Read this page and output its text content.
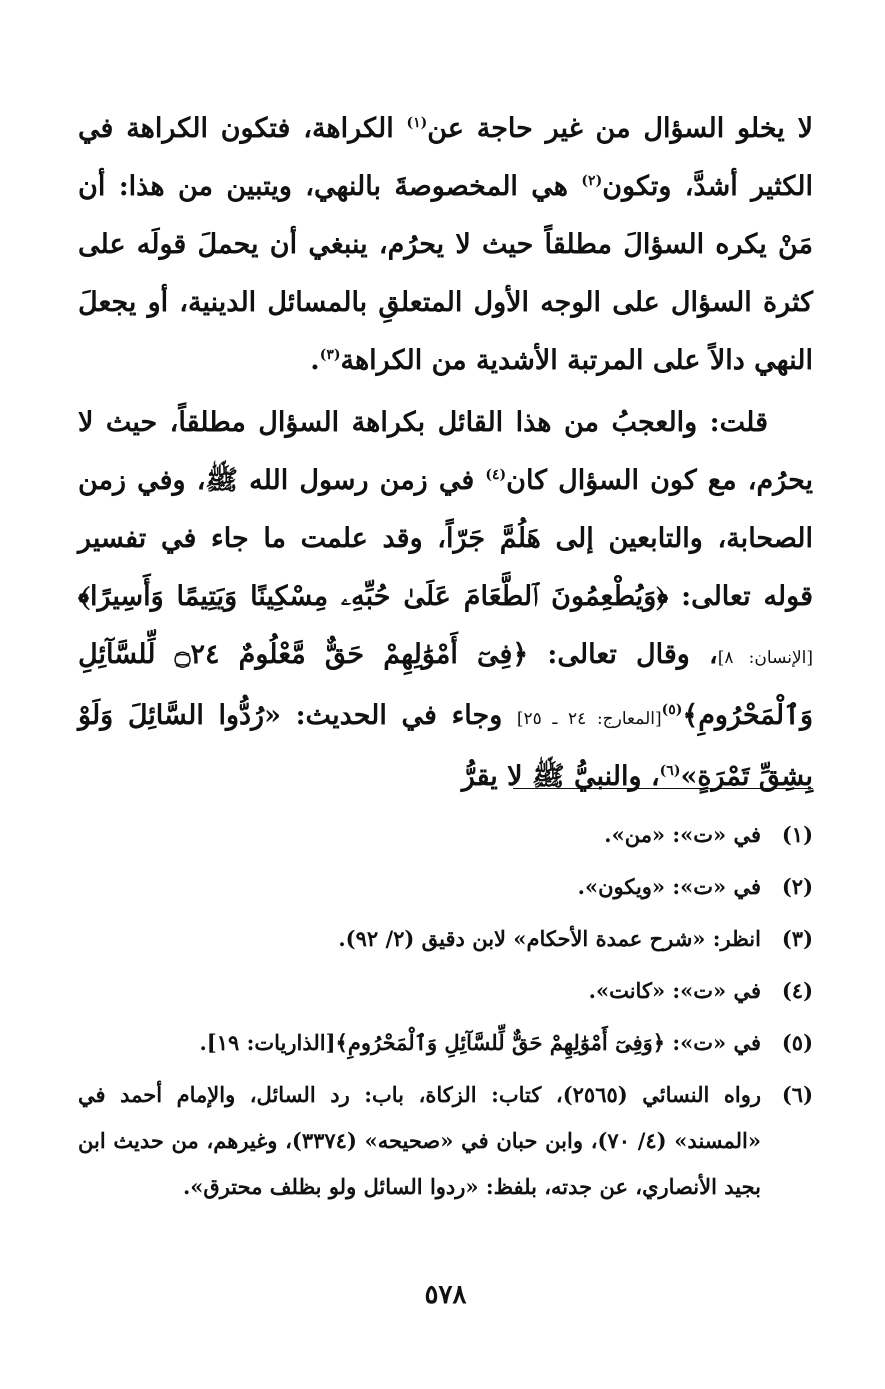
لا يخلو السؤال من غير حاجة عن$^{(١)}$ الكراهة، فتكون الكراهة في الكثير أشدَّ، وتكون$^{(٢)}$ هي المخصوصةَ بالنهي، ويتبين من هذا: أن مَنْ يكره السؤالَ مطلقاً حيث لا يحرُم، ينبغي أن يحملَ قولَه على كثرة السؤال على الوجه الأول المتعلقِ بالمسائل الدينية، أو يجعلَ النهي دالاً على المرتبة الأشدية من الكراهة$^{(٣)}$.

قلت: والعجبُ من هذا القائل بكراهة السؤال مطلقاً، حيث لا يحرُم، مع كون السؤال كان$^{(٤)}$ في زمن رسول الله ﷺ، وفي زمن الصحابة، والتابعين إلى هَلُمَّ جَرّاً، وقد علمت ما جاء في تفسير قوله تعالى: ﴿وَيُطْعِمُونَ ٱلطَّعَامَ عَلَىٰ حُبِّهِۦ مِسْكِينًا وَيَتِيمًا وَأَسِيرًا﴾[الإنسان: ٨]، وقال تعالى: ﴿فِىٓ أَمْوَٰلِهِمْ حَقٌّ مَّعْلُومٌ ۝٢٤ لِّلسَّآئِلِ وَٱلْمَحْرُومِ﴾$^{(٥)}$[المعارج: ٢٤ ـ ٢٥] وجاء في الحديث: «رُدُّوا السَّائِلَ وَلَوْ بِشِقِّ تَمْرَةٍ»$^{(٦)}$، والنبيُّ ﷺ لا يقرُّ

(١)
في «ت»: «من».
(٢)
في «ت»: «ويكون».
(٣)
انظر: «شرح عمدة الأحكام» لابن دقيق (٢/ ٩٢).
(٤)
في «ت»: «كانت».
(٥)
في «ت»: ﴿وَفِىٓ أَمْوَٰلِهِمْ حَقٌّ لِّلسَّآئِلِ وَٱلْمَحْرُومِ﴾[الذاريات: ١٩].
(٦)
رواه النسائي (٢٥٦٥)، كتاب: الزكاة، باب: رد السائل، والإمام أحمد في «المسند» (٤/ ٧٠)، وابن حبان في «صحيحه» (٣٣٧٤)، وغيرهم، من حديث ابن بجيد الأنصاري، عن جدته، بلفظ: «ردوا السائل ولو بظلف محترق».
٥٧٨
